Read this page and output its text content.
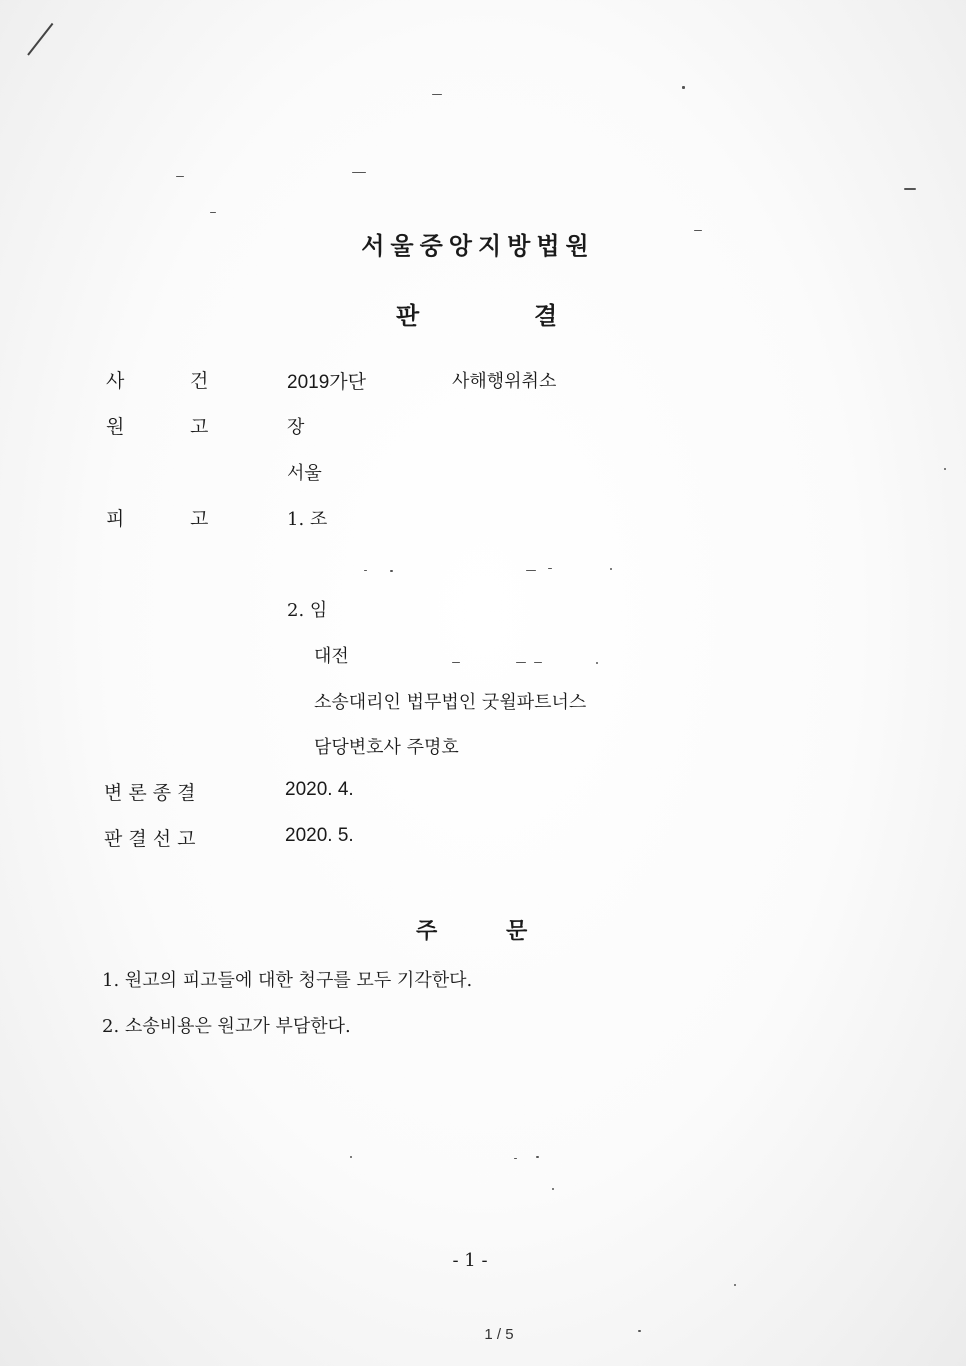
서울중앙지방법원
판	결
사	건	2019가단	사해행위취소
원	고	장
서울
피	고	1. 조
2. 임
대전
소송대리인 법무법인 굿윌파트너스
담당변호사 주명호
변 론 종 결	2020. 4.
판 결 선 고	2020. 5.
주	문
1. 원고의 피고들에 대한 청구를 모두 기각한다.
2. 소송비용은 원고가 부담한다.
- 1 -
1 / 5
